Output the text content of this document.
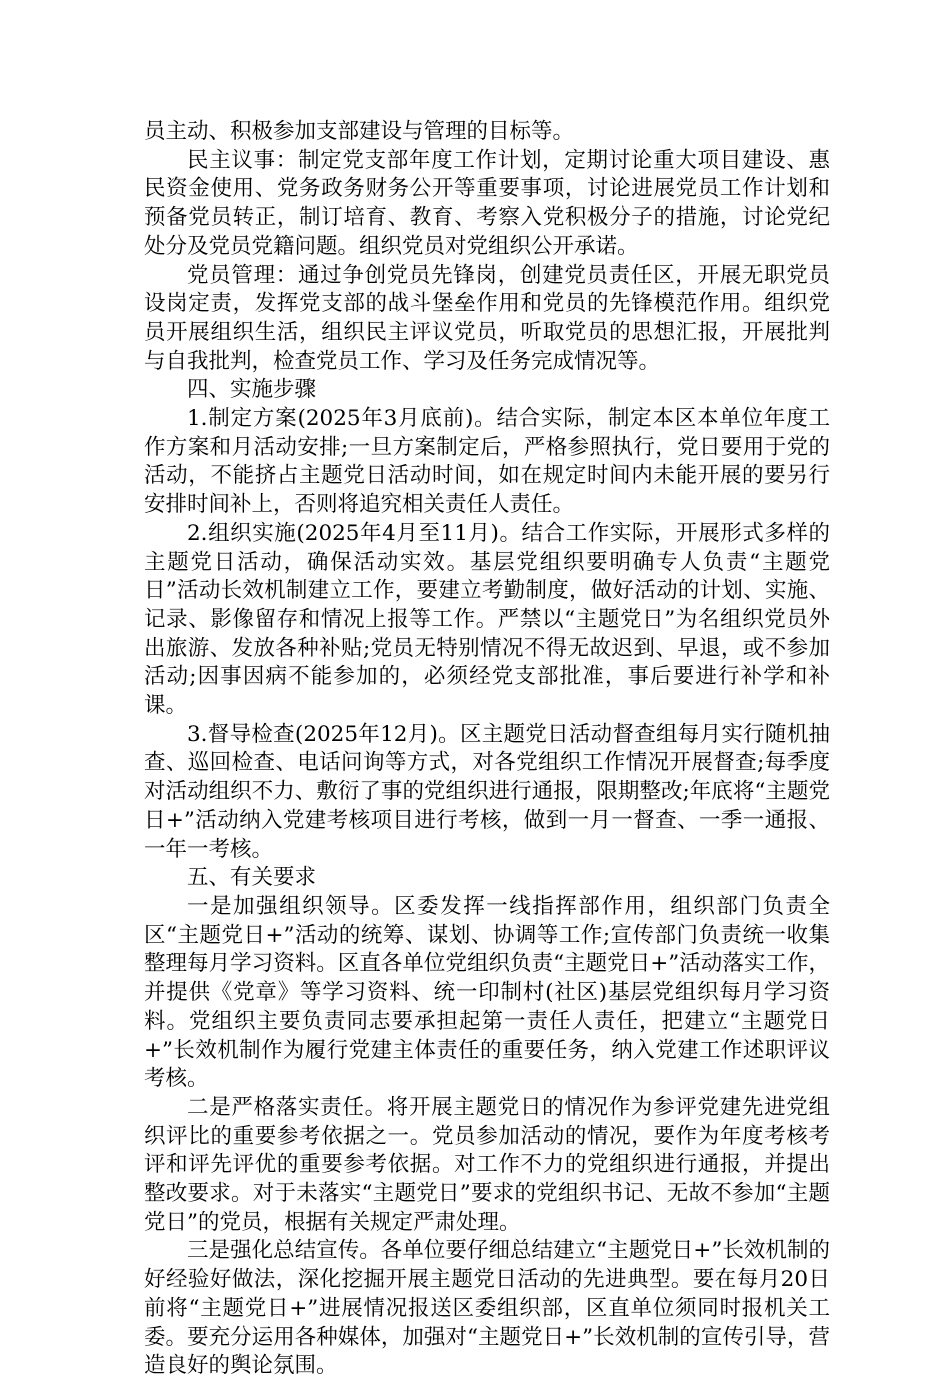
员主动、积极参加支部建设与管理的目标等。

民主议事：制定党支部年度工作计划，定期讨论重大项目建设、惠民资金使用、党务政务财务公开等重要事项，讨论进展党员工作计划和预备党员转正，制订培育、教育、考察入党积极分子的措施，讨论党纪处分及党员党籍问题。组织党员对党组织公开承诺。

党员管理：通过争创党员先锋岗，创建党员责任区，开展无职党员设岗定责，发挥党支部的战斗堡垒作用和党员的先锋模范作用。组织党员开展组织生活，组织民主评议党员，听取党员的思想汇报，开展批判与自我批判，检查党员工作、学习及任务完成情况等。

四、实施步骤

1.制定方案(2025年3月底前)。结合实际，制定本区本单位年度工作方案和月活动安排;一旦方案制定后，严格参照执行，党日要用于党的活动，不能挤占主题党日活动时间，如在规定时间内未能开展的要另行安排时间补上，否则将追究相关责任人责任。

2.组织实施(2025年4月至11月)。结合工作实际，开展形式多样的主题党日活动，确保活动实效。基层党组织要明确专人负责“主题党日”活动长效机制建立工作，要建立考勤制度，做好活动的计划、实施、记录、影像留存和情况上报等工作。严禁以“主题党日”为名组织党员外出旅游、发放各种补贴;党员无特别情况不得无故迟到、早退，或不参加活动;因事因病不能参加的，必须经党支部批准，事后要进行补学和补课。

3.督导检查(2025年12月)。区主题党日活动督查组每月实行随机抽查、巡回检查、电话问询等方式，对各党组织工作情况开展督查;每季度对活动组织不力、敷衍了事的党组织进行通报，限期整改;年底将“主题党日+”活动纳入党建考核项目进行考核，做到一月一督查、一季一通报、一年一考核。

五、有关要求

一是加强组织领导。区委发挥一线指挥部作用，组织部门负责全区“主题党日+”活动的统筹、谋划、协调等工作;宣传部门负责统一收集整理每月学习资料。区直各单位党组织负责“主题党日+”活动落实工作，并提供《党章》等学习资料、统一印制村(社区)基层党组织每月学习资料。党组织主要负责同志要承担起第一责任人责任，把建立“主题党日+”长效机制作为履行党建主体责任的重要任务，纳入党建工作述职评议考核。

二是严格落实责任。将开展主题党日的情况作为参评党建先进党组织评比的重要参考依据之一。党员参加活动的情况，要作为年度考核考评和评先评优的重要参考依据。对工作不力的党组织进行通报，并提出整改要求。对于未落实“主题党日”要求的党组织书记、无故不参加“主题党日”的党员，根据有关规定严肃处理。

三是强化总结宣传。各单位要仔细总结建立“主题党日+”长效机制的好经验好做法，深化挖掘开展主题党日活动的先进典型。要在每月20日前将“主题党日+”进展情况报送区委组织部，区直单位须同时报机关工委。要充分运用各种媒体，加强对“主题党日+”长效机制的宣传引导，营造良好的舆论氛围。
